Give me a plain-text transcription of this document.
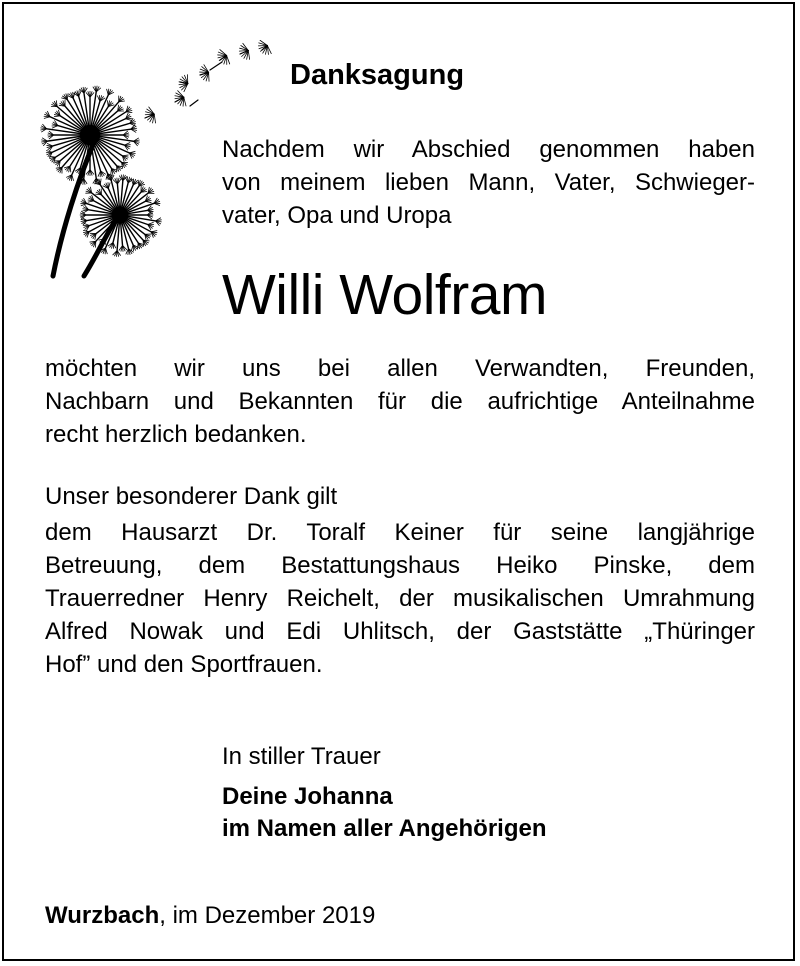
Danksagung
Nachdem wir Abschied genommen haben
von meinem lieben Mann, Vater, Schwieger-
vater, Opa und Uropa
Willi Wolfram
möchten wir uns bei allen Verwandten, Freunden,
Nachbarn und Bekannten für die aufrichtige Anteilnahme
recht herzlich bedanken.
Unser besonderer Dank gilt
dem Hausarzt Dr. Toralf Keiner für seine langjährige
Betreuung, dem Bestattungshaus Heiko Pinske, dem
Trauerredner Henry Reichelt, der musikalischen Umrahmung
Alfred Nowak und Edi Uhlitsch, der Gaststätte „Thüringer
Hof” und den Sportfrauen.
In stiller Trauer
Deine Johanna
im Namen aller Angehörigen
Wurzbach, im Dezember 2019
